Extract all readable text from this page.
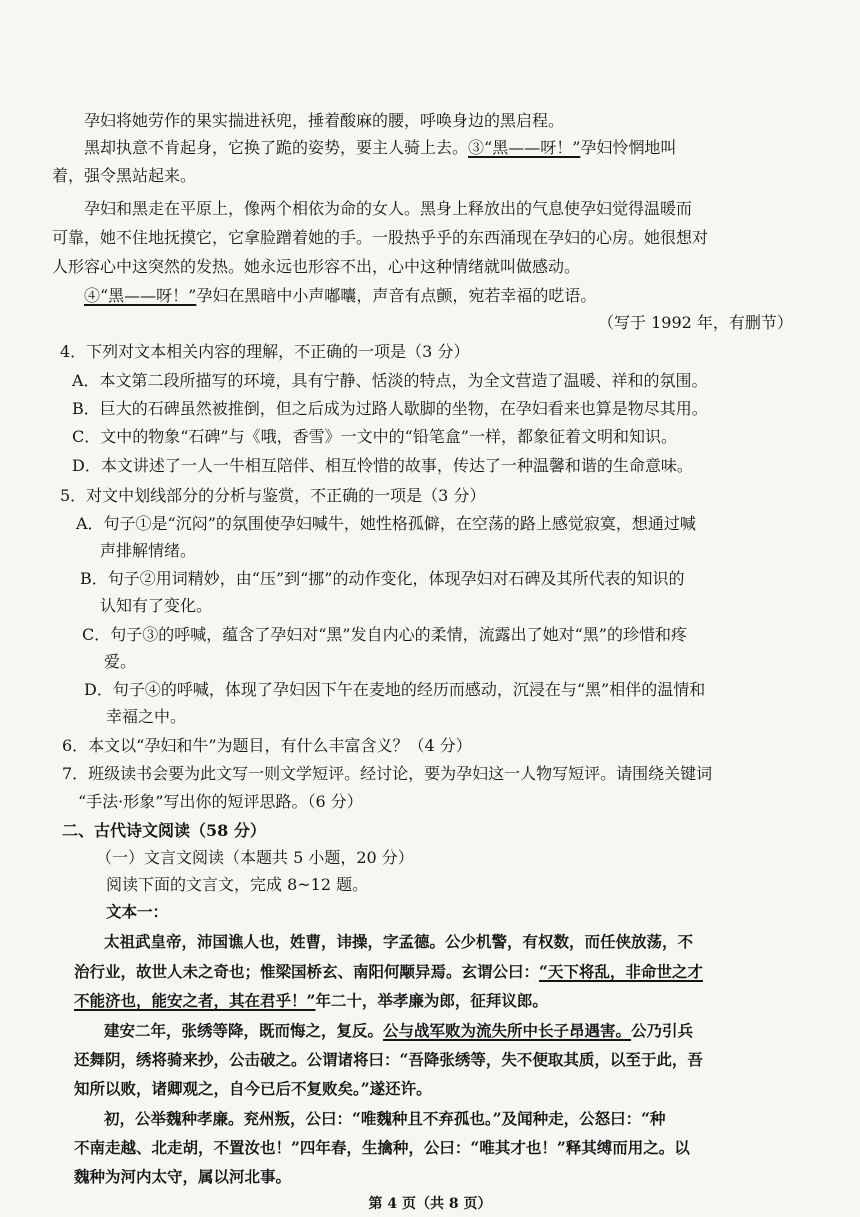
孕妇将她劳作的果实揣进袄兜，捶着酸麻的腰，呼唤身边的黑启程。

黑却执意不肯起身，它换了跪的姿势，要主人骑上去。③“黑——呀！”孕妇怜惘地叫

着，强令黑站起来。

孕妇和黑走在平原上，像两个相依为命的女人。黑身上释放出的气息使孕妇觉得温暖而

可靠，她不住地抚摸它，它拿脸蹭着她的手。一股热乎乎的东西涌现在孕妇的心房。她很想对

人形容心中这突然的发热。她永远也形容不出，心中这种情绪就叫做感动。

④“黑——呀！”孕妇在黑暗中小声嘟囔，声音有点颤，宛若幸福的呓语。

（写于 1992 年，有删节）

4．下列对文本相关内容的理解，不正确的一项是（3 分）

A．本文第二段所描写的环境，具有宁静、恬淡的特点，为全文营造了温暖、祥和的氛围。

B．巨大的石碑虽然被推倒，但之后成为过路人歇脚的坐物，在孕妇看来也算是物尽其用。

C．文中的物象“石碑”与《哦，香雪》一文中的“铅笔盒”一样，都象征着文明和知识。

D．本文讲述了一人一牛相互陪伴、相互怜惜的故事，传达了一种温馨和谐的生命意味。

5．对文中划线部分的分析与鉴赏，不正确的一项是（3 分）

A．句子①是“沉闷”的氛围使孕妇喊牛，她性格孤僻，在空荡的路上感觉寂寞，想通过喊

声排解情绪。

B．句子②用词精妙，由“压”到“挪”的动作变化，体现孕妇对石碑及其所代表的知识的

认知有了变化。

C．句子③的呼喊，蕴含了孕妇对“黑”发自内心的柔情，流露出了她对“黑”的珍惜和疼

爱。

D．句子④的呼喊，体现了孕妇因下午在麦地的经历而感动，沉浸在与“黑”相伴的温情和

幸福之中。

6．本文以“孕妇和牛”为题目，有什么丰富含义？（4 分）

7．班级读书会要为此文写一则文学短评。经讨论，要为孕妇这一人物写短评。请围绕关键词

“手法·形象”写出你的短评思路。（6 分）

二、古代诗文阅读（58 分）

（一）文言文阅读（本题共 5 小题，20 分）

阅读下面的文言文，完成 8~12 题。

文本一：

太祖武皇帝，沛国谯人也，姓曹，讳操，字孟德。公少机警，有权数，而任侠放荡，不

治行业，故世人未之奇也；惟梁国桥玄、南阳何颙异焉。玄谓公曰：“天下将乱，非命世之才

不能济也，能安之者，其在君乎！”年二十，举孝廉为郎，征拜议郎。

建安二年，张绣等降，既而悔之，复反。公与战军败为流失所中长子昂遇害。公乃引兵

还舞阴，绣将骑来抄，公击破之。公谓诸将曰：“吾降张绣等，失不便取其质，以至于此，吾

知所以败，诸卿观之，自今已后不复败矣。”遂还许。

初，公举魏种孝廉。兖州叛，公曰：“唯魏种且不弃孤也。”及闻种走，公怒曰：“种

不南走越、北走胡，不置汝也！”四年春，生擒种，公曰：“唯其才也！”释其缚而用之。以

魏种为河内太守，属以河北事。

第 4 页（共 8 页）
